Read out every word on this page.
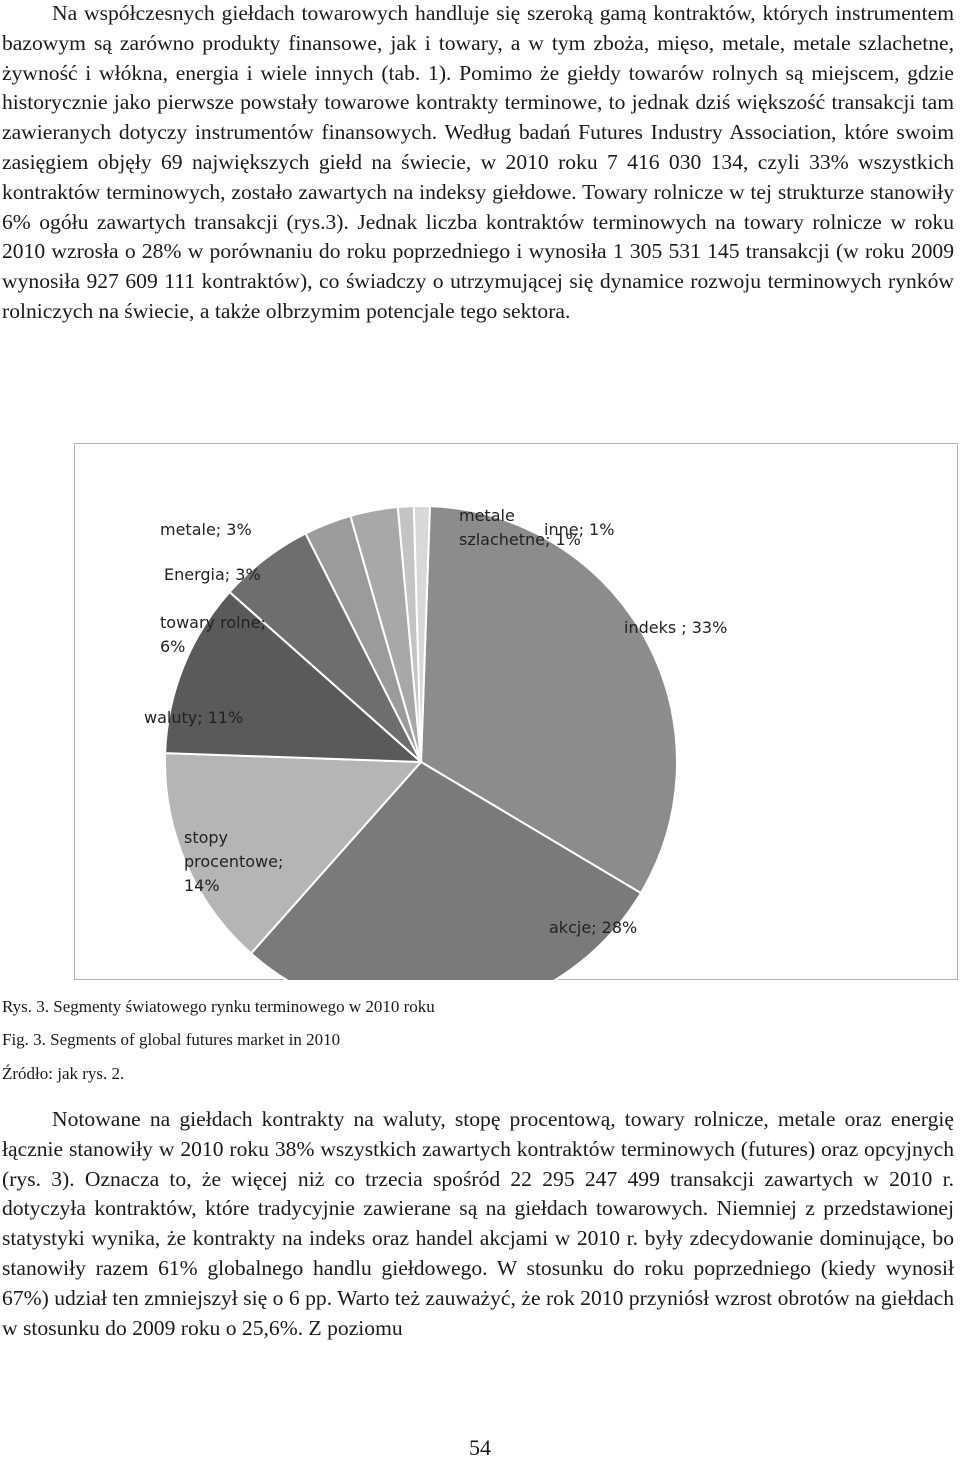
Na współczesnych giełdach towarowych handluje się szeroką gamą kontraktów, których instrumentem bazowym są zarówno produkty finansowe, jak i towary, a w tym zboża, mięso, metale, metale szlachetne, żywność i włókna, energia i wiele innych (tab. 1). Pomimo że giełdy towarów rolnych są miejscem, gdzie historycznie jako pierwsze powstały towarowe kontrakty terminowe, to jednak dziś większość transakcji tam zawieranych dotyczy instrumentów finansowych. Według badań Futures Industry Association, które swoim zasięgiem objęły 69 największych giełd na świecie, w 2010 roku 7 416 030 134, czyli 33% wszystkich kontraktów terminowych, zostało zawartych na indeksy giełdowe. Towary rolnicze w tej strukturze stanowiły 6% ogółu zawartych transakcji (rys.3). Jednak liczba kontraktów terminowych na towary rolnicze w roku 2010 wzrosła o 28% w porównaniu do roku poprzedniego i wynosiła 1 305 531 145 transakcji (w roku 2009 wynosiła 927 609 111 kontraktów), co świadczy o utrzymującej się dynamice rozwoju terminowych rynków rolniczych na świecie, a także olbrzymim potencjale tego sektora.

Rys. 3. Segmenty światowego rynku terminowego w 2010 roku

Fig. 3. Segments of global futures market in 2010

Źródło: jak rys. 2.

Notowane na giełdach kontrakty na waluty, stopę procentową, towary rolnicze, metale oraz energię łącznie stanowiły w 2010 roku 38% wszystkich zawartych kontraktów terminowych (futures) oraz opcyjnych (rys. 3). Oznacza to, że więcej niż co trzecia spośród 22 295 247 499 transakcji zawartych w 2010 r. dotyczyła kontraktów, które tradycyjnie zawierane są na giełdach towarowych. Niemniej z przedstawionej statystyki wynika, że kontrakty na indeks oraz handel akcjami w 2010 r. były zdecydowanie dominujące, bo stanowiły razem 61% globalnego handlu giełdowego. W stosunku do roku poprzedniego (kiedy wynosił 67%) udział ten zmniejszył się o 6 pp. Warto też zauważyć, że rok 2010 przyniósł wzrost obrotów na giełdach w stosunku do 2009 roku o 25,6%. Z poziomu

54
indeks ; 33%
akcje; 28%
stopy procentowe; 14%
waluty; 11%
towary rolne; 6%
Energia; 3%
metale; 3%
metale szlachetne; 1%
inne; 1%
